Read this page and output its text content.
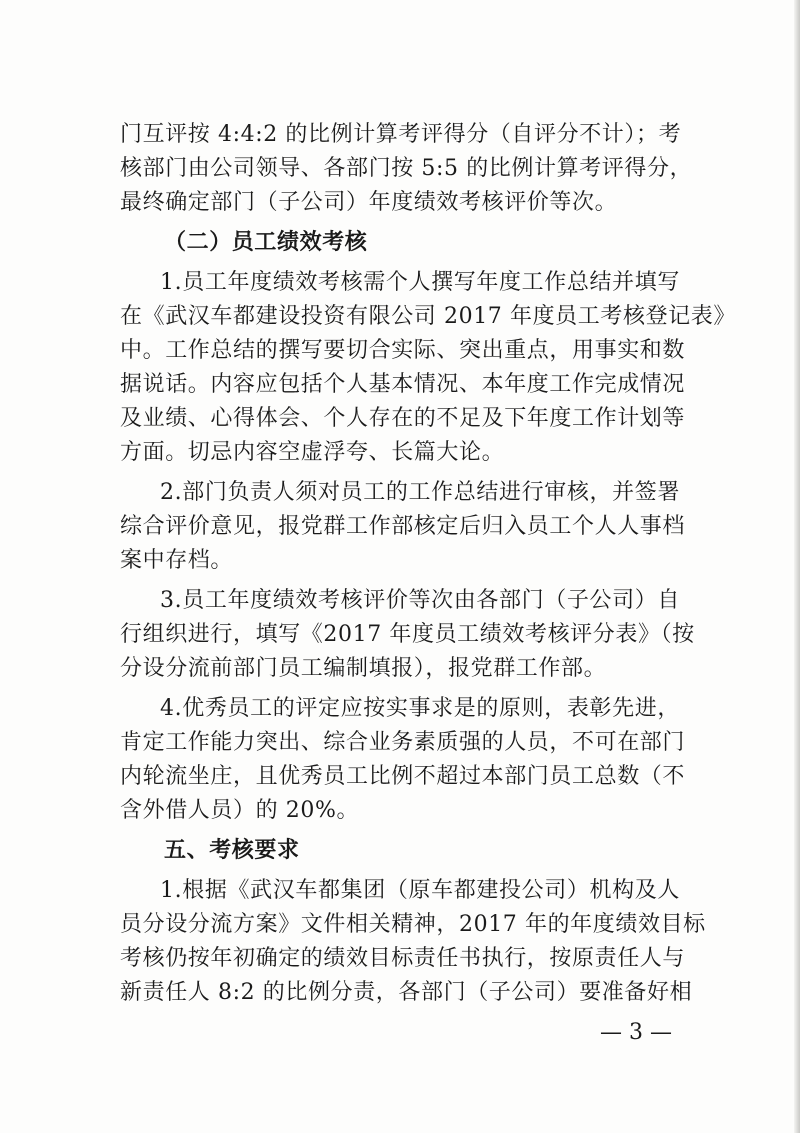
门互评按 4:4:2 的比例计算考评得分（自评分不计）；考
核部门由公司领导、各部门按 5:5 的比例计算考评得分，
最终确定部门（子公司）年度绩效考核评价等次。
（二）员工绩效考核
1.员工年度绩效考核需个人撰写年度工作总结并填写
在《武汉车都建设投资有限公司 2017 年度员工考核登记表》
中。工作总结的撰写要切合实际、突出重点，用事实和数
据说话。内容应包括个人基本情况、本年度工作完成情况
及业绩、心得体会、个人存在的不足及下年度工作计划等
方面。切忌内容空虚浮夸、长篇大论。
2.部门负责人须对员工的工作总结进行审核，并签署
综合评价意见，报党群工作部核定后归入员工个人人事档
案中存档。
3.员工年度绩效考核评价等次由各部门（子公司）自
行组织进行，填写《2017 年度员工绩效考核评分表》（按
分设分流前部门员工编制填报），报党群工作部。
4.优秀员工的评定应按实事求是的原则，表彰先进，
肯定工作能力突出、综合业务素质强的人员，不可在部门
内轮流坐庄，且优秀员工比例不超过本部门员工总数（不
含外借人员）的 20%。
五、考核要求
1.根据《武汉车都集团（原车都建投公司）机构及人
员分设分流方案》文件相关精神，2017 年的年度绩效目标
考核仍按年初确定的绩效目标责任书执行，按原责任人与
新责任人 8:2 的比例分责，各部门（子公司）要准备好相
— 3 —
